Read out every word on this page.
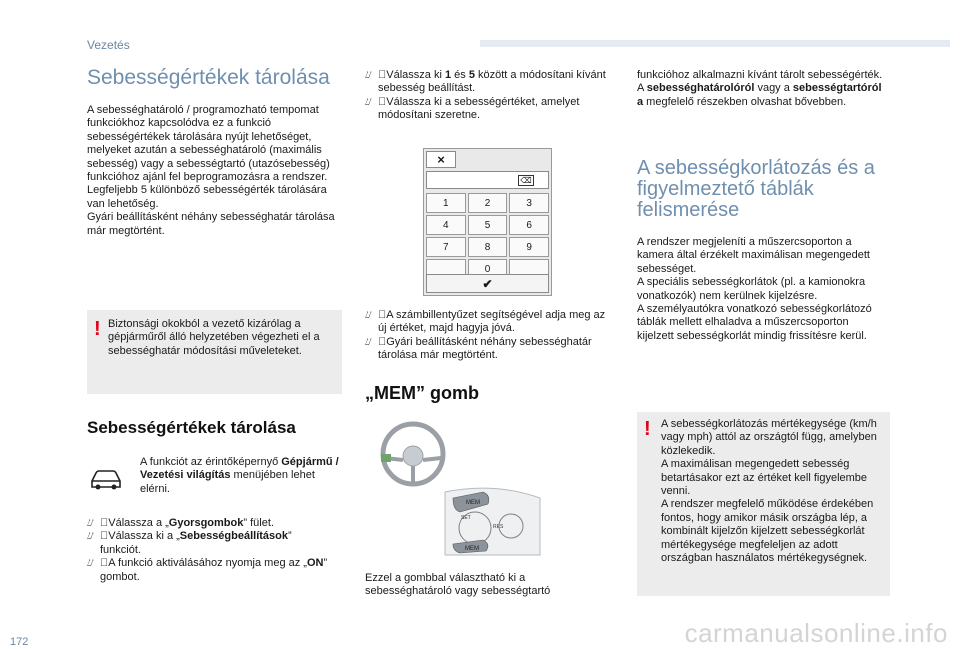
Vezetés
Sebességértékek tárolása

A sebességhatároló / programozható tempomat funkciókhoz kapcsolódva ez a funkció sebességértékek tárolására nyújt lehetőséget, melyeket azután a sebességhatároló (maximális sebesség) vagy a sebességtartó (utazósebesség) funkcióhoz ajánl fel beprogramozásra a rendszer.
Legfeljebb 5 különböző sebességérték tárolására van lehetőség.
Gyári beállításként néhány sebességhatár tárolása már megtörtént.

! Biztonsági okokból a vezető kizárólag a gépjárműről álló helyzetében végezheti el a sebességhatár módosítási műveleteket.
Sebességértékek tárolása

A funkciót az érintőképernyő Gépjármű / Vezetési világítás menüjében lehet elérni.

⌰ Válassza a „Gyorsgombok” fület.
⌰ Válassza ki a „Sebességbeállítások” funkciót.
⌰ A funkció aktiválásához nyomja meg az „ON” gombot.
⌰ Válassza ki 1 és 5 között a módosítani kívánt sebesség beállítást.
⌰ Válassza ki a sebességértéket, amelyet módosítani szeretne.
×
⌫
1	2	3
4	5	6
7	8	9
0
✔
⌰ A számbillentyűzet segítségével adja meg az új értéket, majd hagyja jóvá.
⌰ Gyári beállításként néhány sebességhatár tárolása már megtörtént.
„MEM” gomb
MEM
SET
RES
MEM

Ezzel a gombbal választható ki a sebességhatároló vagy sebességtartó

funkcióhoz alkalmazni kívánt tárolt sebességérték.
A sebességhatárolóról vagy a sebességtartóról a megfelelő részekben olvashat bővebben.

A sebességkorlátozás és a figyelmeztető táblák felismerése

A rendszer megjeleníti a műszercsoporton a kamera által érzékelt maximálisan megengedett sebességet.
A speciális sebességkorlátok (pl. a kamionokra vonatkozók) nem kerülnek kijelzésre.
A személyautókra vonatkozó sebességkorlátozó táblák mellett elhaladva a műszercsoporton kijelzett sebességkorlát mindig frissítésre kerül.

! A sebességkorlátozás mértékegysége (km/h vagy mph) attól az országtól függ, amelyben közlekedik.
A maximálisan megengedett sebesség betartásakor ezt az értéket kell figyelembe venni.
A rendszer megfelelő működése érdekében fontos, hogy amikor másik országba lép, a kombinált kijelzőn kijelzett sebességkorlát mértékegysége megfeleljen az adott országban használatos mértékegységnek.
172	carmanualsonline.info
